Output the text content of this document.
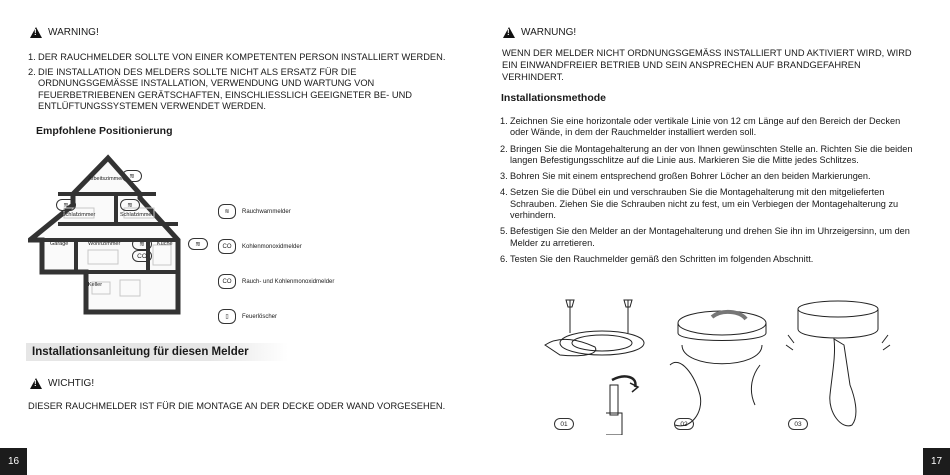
!
WARNING!
1. DER RAUCHMELDER SOLLTE VON EINER KOMPETENTEN PERSON INSTALLIERT WERDEN.
2. DIE INSTALLATION DES MELDERS SOLLTE NICHT ALS ERSATZ FÜR DIE ORDNUNGSGEMÄSSE INSTALLATION, VERWENDUNG UND WARTUNG VON FEUERBETRIEBENEN GERÄTSCHAFTEN, EINSCHLIESSLICH GEEIGNETER BE- UND ENTLÜFTUNGSSYSTEMEN VERWENDET WERDEN.
Empfohlene Positionierung
Arbeitszimmer
Schlafzimmer	Schlafzimmer
Garage	Wohnzimmer	Küche
Keller
≋
≋	≋
≋	≋
CO
≋	Rauchwarnmelder
CO	Kohlenmonoxidmelder
CO	Rauch- und Kohlenmonoxidmelder
▯	Feuerlöscher
Installationsanleitung für diesen Melder
!
WICHTIG!
DIESER RAUCHMELDER IST FÜR DIE MONTAGE AN DER DECKE ODER WAND VORGESEHEN.
16
!
WARNUNG!
WENN DER MELDER NICHT ORDNUNGSGEMÄSS INSTALLIERT UND AKTIVIERT WIRD, WIRD EIN EINWANDFREIER BETRIEB UND SEIN ANSPRECHEN AUF BRANDGEFAHREN VERHINDERT.
Installationsmethode
1. Zeichnen Sie eine horizontale oder vertikale Linie von 12 cm Länge auf den Bereich der Decken oder Wände, in dem der Rauchmelder installiert werden soll.
2. Bringen Sie die Montagehalterung an der von Ihnen gewünschten Stelle an. Richten Sie die beiden langen Befestigungsschlitze auf die Linie aus. Markieren Sie die Mitte jedes Schlitzes.
3. Bohren Sie mit einem entsprechend großen Bohrer Löcher an den beiden Markierungen.
4. Setzen Sie die Dübel ein und verschrauben Sie die Montagehalterung mit den mitgelieferten Schrauben. Ziehen Sie die Schrauben nicht zu fest, um ein Verbiegen der Montagehalterung zu verhindern.
5. Befestigen Sie den Melder an der Montagehalterung und drehen Sie ihn im Uhrzeigersinn, um den Melder zu arretieren.
6. Testen Sie den Rauchmelder gemäß den Schritten im folgenden Abschnitt.
01	02	03
17
